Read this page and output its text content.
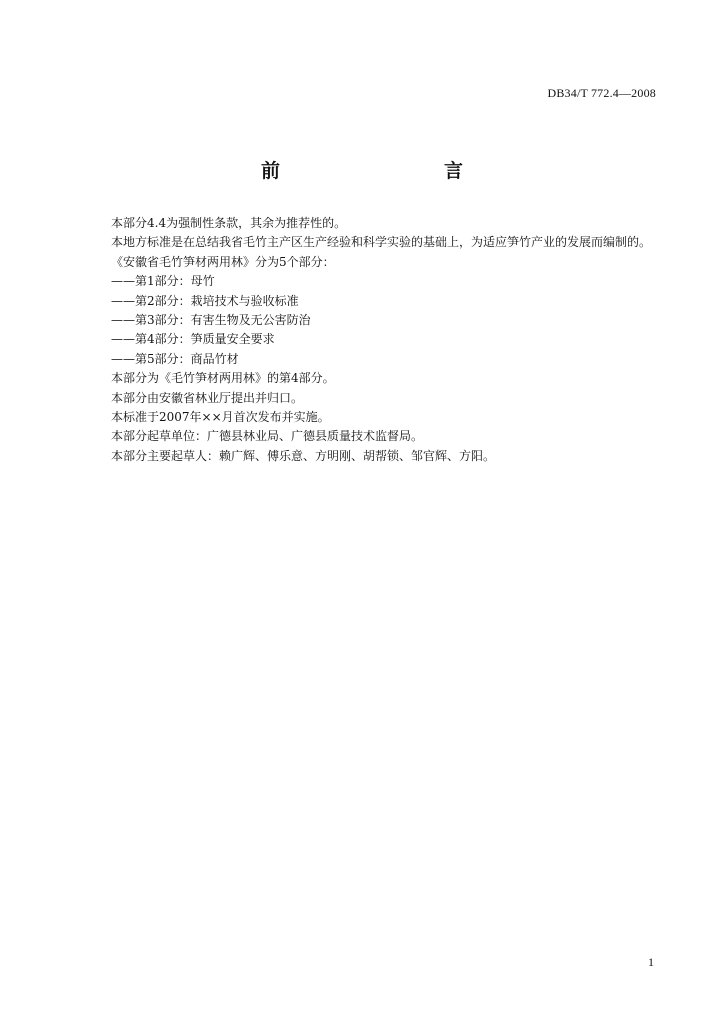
DB34/T 772.4—2008
前　　言

本部分4.4为强制性条款，其余为推荐性的。

本地方标准是在总结我省毛竹主产区生产经验和科学实验的基础上，为适应笋竹产业的发展而编制的。

《安徽省毛竹笋材两用林》分为5个部分：

——第1部分：母竹

——第2部分：栽培技术与验收标准

——第3部分：有害生物及无公害防治

——第4部分：笋质量安全要求

——第5部分：商品竹材

本部分为《毛竹笋材两用林》的第4部分。

本部分由安徽省林业厅提出并归口。

本标准于2007年××月首次发布并实施。

本部分起草单位：广德县林业局、广德县质量技术监督局。

本部分主要起草人：赖广辉、傅乐意、方明刚、胡帮锁、邹官辉、方阳。

1
